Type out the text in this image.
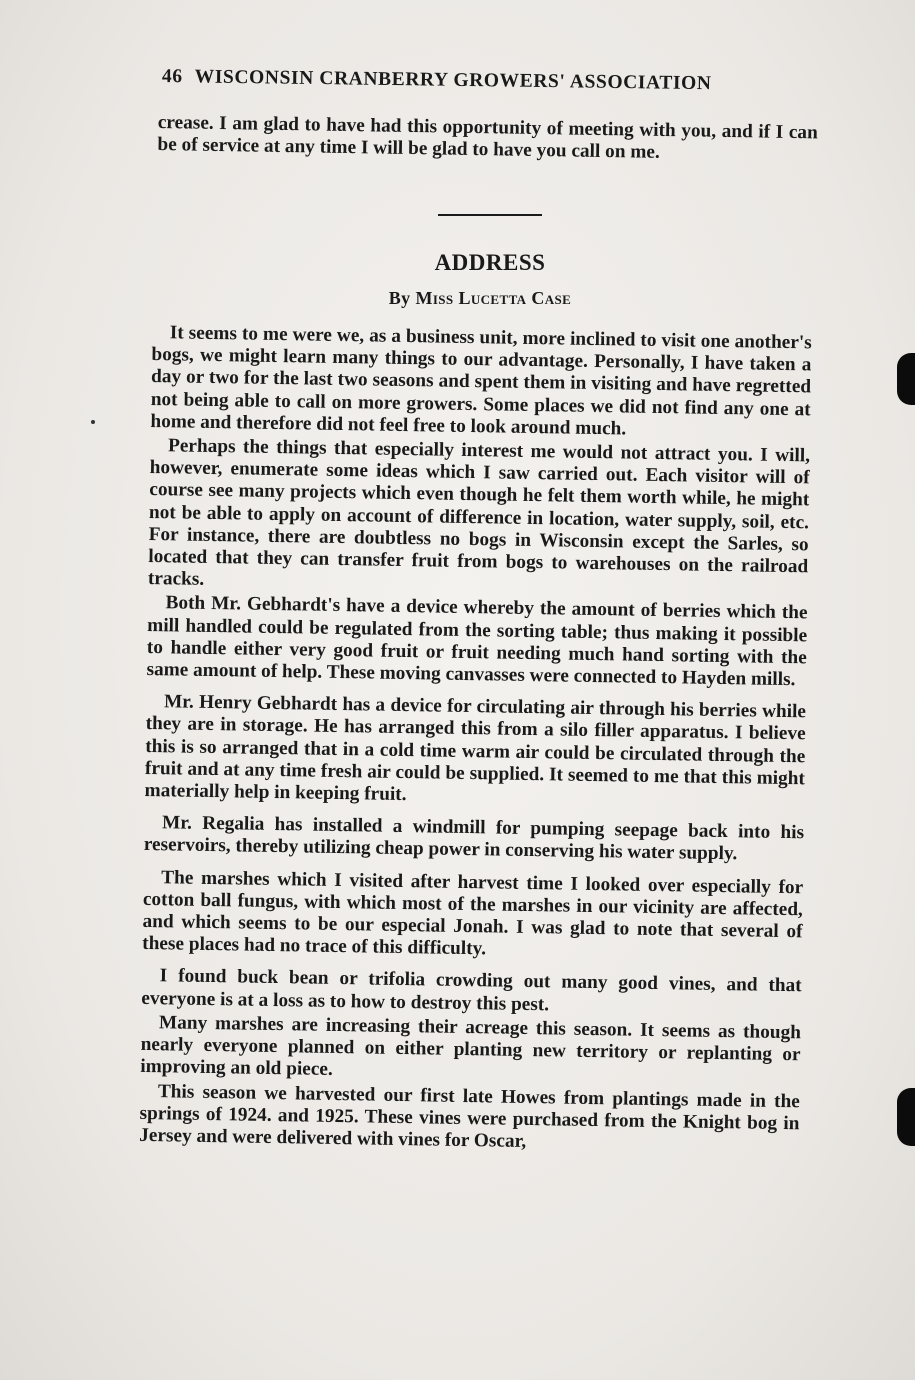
46 WISCONSIN CRANBERRY GROWERS' ASSOCIATION

crease. I am glad to have had this opportunity of meeting with you, and if I can be of service at any time I will be glad to have you call on me.

ADDRESS
By Miss Lucetta Case

It seems to me were we, as a business unit, more inclined to visit one another's bogs, we might learn many things to our advantage. Personally, I have taken a day or two for the last two seasons and spent them in visiting and have regretted not being able to call on more growers. Some places we did not find any one at home and therefore did not feel free to look around much.

Perhaps the things that especially interest me would not attract you. I will, however, enumerate some ideas which I saw carried out. Each visitor will of course see many projects which even though he felt them worth while, he might not be able to apply on account of difference in location, water supply, soil, etc. For instance, there are doubtless no bogs in Wisconsin except the Sarles, so located that they can transfer fruit from bogs to warehouses on the railroad tracks.

Both Mr. Gebhardt's have a device whereby the amount of berries which the mill handled could be regulated from the sorting table; thus making it possible to handle either very good fruit or fruit needing much hand sorting with the same amount of help. These moving canvasses were connected to Hayden mills.

Mr. Henry Gebhardt has a device for circulating air through his berries while they are in storage. He has arranged this from a silo filler apparatus. I believe this is so arranged that in a cold time warm air could be circulated through the fruit and at any time fresh air could be supplied. It seemed to me that this might materially help in keeping fruit.

Mr. Regalia has installed a windmill for pumping seepage back into his reservoirs, thereby utilizing cheap power in conserving his water supply.

The marshes which I visited after harvest time I looked over especially for cotton ball fungus, with which most of the marshes in our vicinity are affected, and which seems to be our especial Jonah. I was glad to note that several of these places had no trace of this difficulty.

I found buck bean or trifolia crowding out many good vines, and that everyone is at a loss as to how to destroy this pest.

Many marshes are increasing their acreage this season. It seems as though nearly everyone planned on either planting new territory or replanting or improving an old piece.

This season we harvested our first late Howes from plantings made in the springs of 1924. and 1925. These vines were purchased from the Knight bog in Jersey and were delivered with vines for Oscar,
